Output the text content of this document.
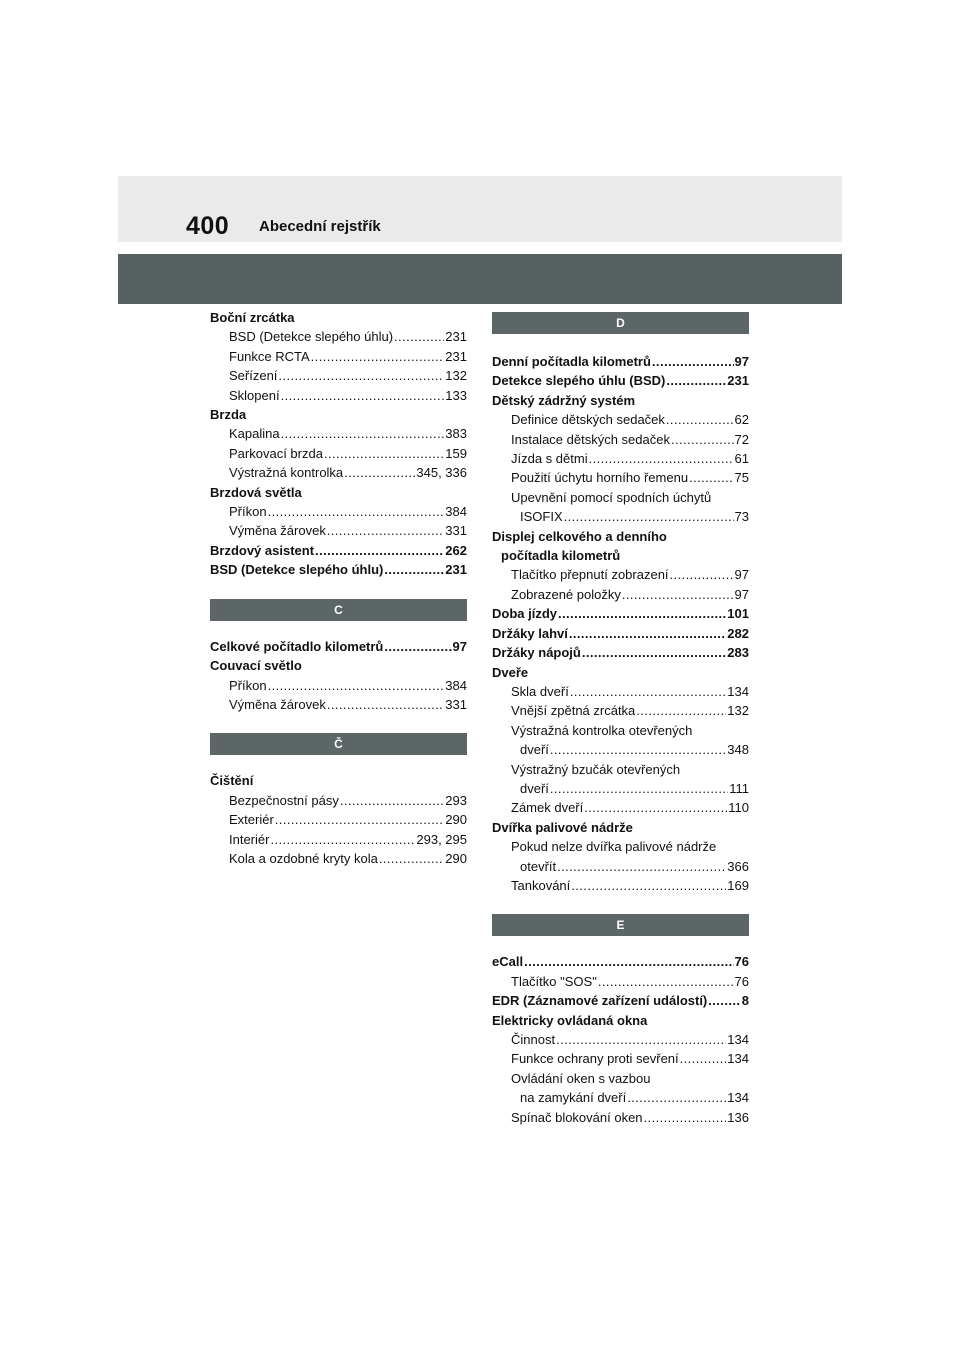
400 Abecední rejstřík
Boční zrcátka
BSD (Detekce slepého úhlu) .....	231
Funkce RCTA .....	231
Seřízení .....	132
Sklopení .....	133
Brzda
Kapalina .....	383
Parkovací brzda .....	159
Výstražná kontrolka .....	345, 336
Brzdová světla
Příkon .....	384
Výměna žárovek .....	331
Brzdový asistent .....	262
BSD (Detekce slepého úhlu) .....	231
C
Celkové počítadlo kilometrů .....	97
Couvací světlo
Příkon .....	384
Výměna žárovek .....	331
Č
Čištění
Bezpečnostní pásy .....	293
Exteriér .....	290
Interiér .....	293, 295
Kola a ozdobné kryty kola .....	290
D
Denní počítadla kilometrů .....	97
Detekce slepého úhlu (BSD) .....	231
Dětský zádržný systém
Definice dětských sedaček .....	62
Instalace dětských sedaček .....	72
Jízda s dětmi .....	61
Použití úchytu horního řemenu .....	75
Upevnění pomocí spodních úchytů
ISOFIX .....	73
Displej celkového a denního
počítadla kilometrů
Tlačítko přepnutí zobrazení .....	97
Zobrazené položky .....	97
Doba jízdy .....	101
Držáky lahví .....	282
Držáky nápojů .....	283
Dveře
Skla dveří .....	134
Vnější zpětná zrcátka .....	132
Výstražná kontrolka otevřených
dveří .....	348
Výstražný bzučák otevřených
dveří .....	111
Zámek dveří .....	110
Dvířka palivové nádrže
Pokud nelze dvířka palivové nádrže
otevřít .....	366
Tankování .....	169
E
eCall .....	76
Tlačítko "SOS" .....	76
EDR (Záznamové zařízení událostí) .....	8
Elektricky ovládaná okna
Činnost .....	134
Funkce ochrany proti sevření .....	134
Ovládání oken s vazbou
na zamykání dveří .....	134
Spínač blokování oken .....	136
